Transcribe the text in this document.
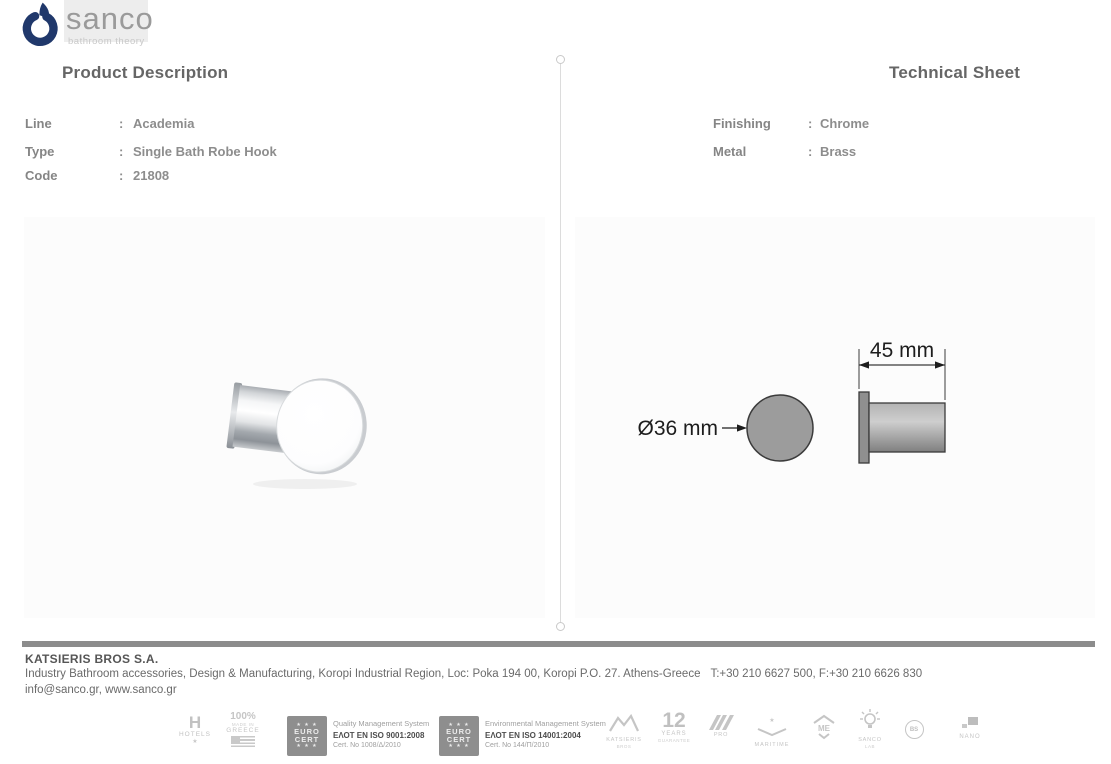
sanco
bathroom theory
Product Description	Technical Sheet
Line	: Academia
Type	: Single Bath Robe Hook
Code	: 21808
Finishing	: Chrome
Metal	: Brass
Ø36 mm
45 mm
KATSIERIS BROS S.A.
Industry Bathroom accessories, Design & Manufacturing, Koropi Industrial Region, Loc: Poka 194 00, Koropi P.O. 27. Athens-Greece T:+30 210 6627 500, F:+30 210 6626 830
info@sanco.gr, www.sanco.gr
H
HOTELS
★
100%
MADE IN
GREECE
★ ★ ★
EURO
CERT
★ ★ ★
Quality Management System
ΕΛΟΤ EN ISO 9001:2008
Cert. No 1008/Δ/2010
★ ★ ★
EURO
CERT
★ ★ ★
Environmental Management System
ΕΛΟΤ EN ISO 14001:2004
Cert. No 144/Π/2010
KATSIERIS
BROS
12
YEARS
GUARANTEE
PRO
★
MARITIME
ME
SANCO
LAB
BS
NANO
